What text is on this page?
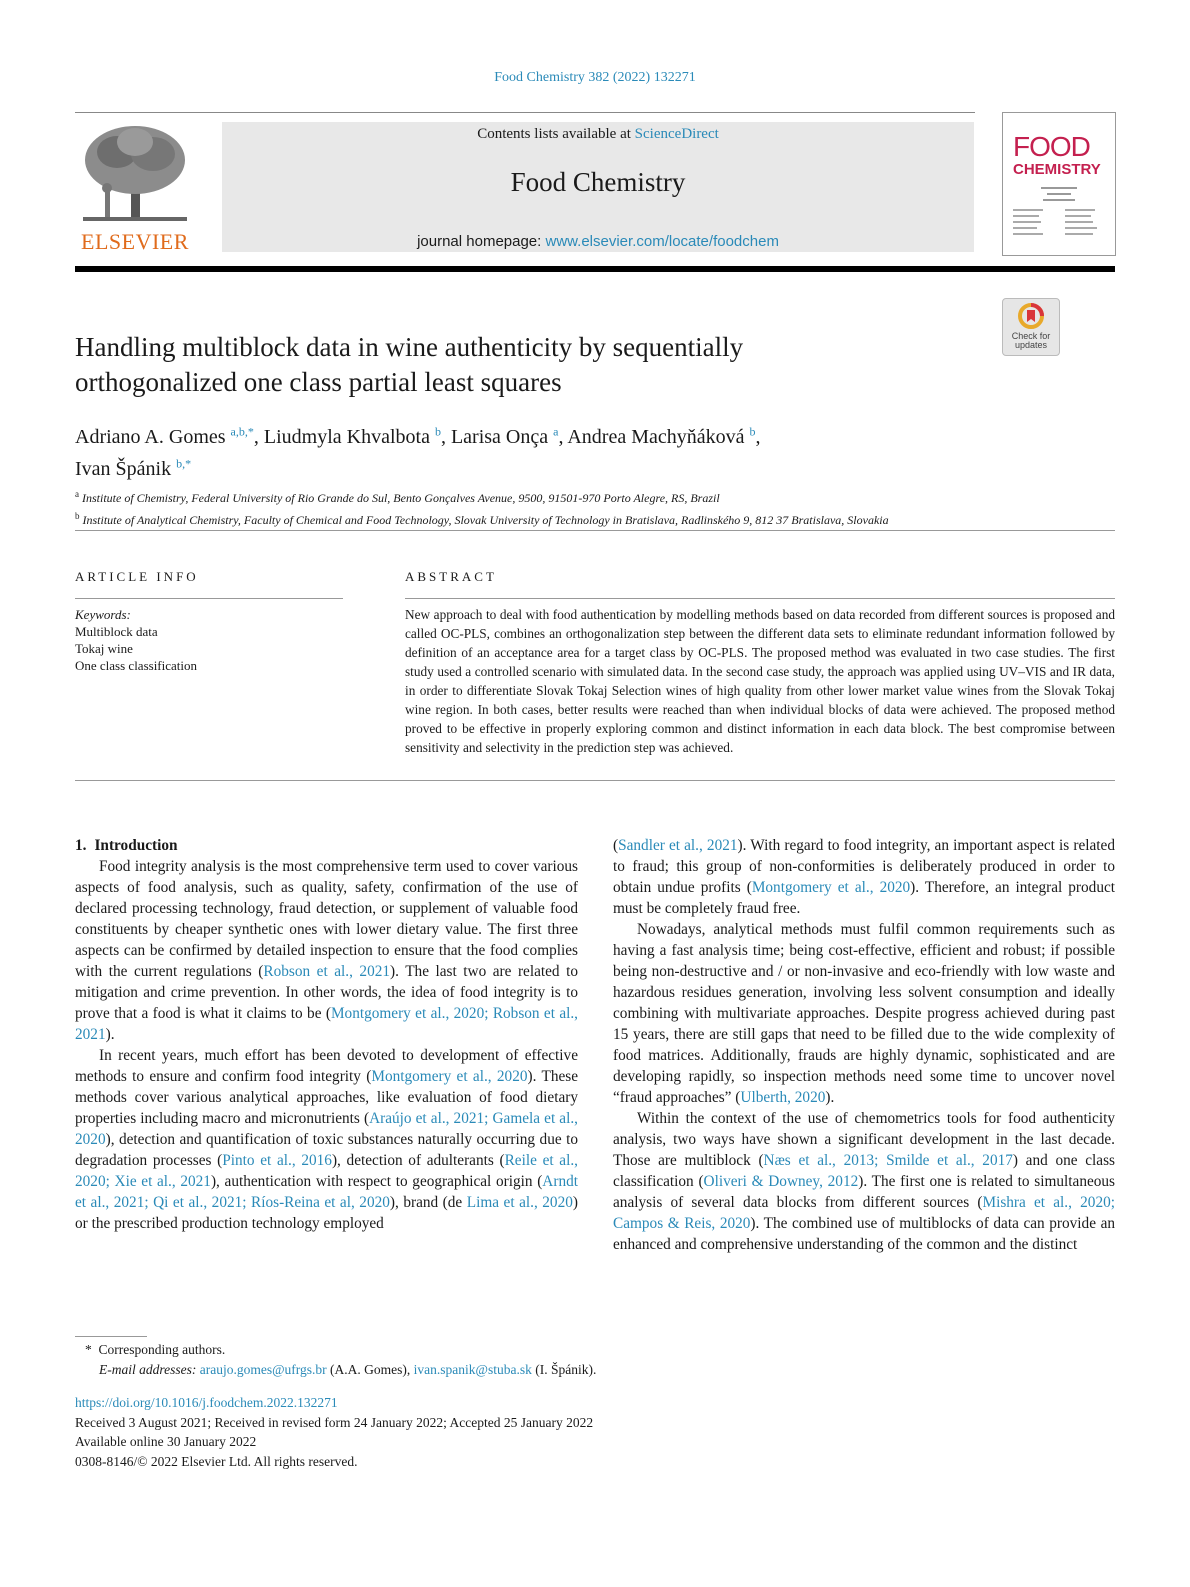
Food Chemistry 382 (2022) 132271
ELSEVIER
Contents lists available at ScienceDirect
Food Chemistry
journal homepage: www.elsevier.com/locate/foodchem
FOOD
CHEMISTRY
Check for updates
Handling multiblock data in wine authenticity by sequentially
orthogonalized one class partial least squares
Adriano A. Gomes $^{a,b,*}$, Liudmyla Khvalbota $^b$, Larisa Onça $^a$, Andrea Machyňáková $^b$,
Ivan Špánik $^{b,*}$
$^a$ Institute of Chemistry, Federal University of Rio Grande do Sul, Bento Gonçalves Avenue, 9500, 91501-970 Porto Alegre, RS, Brazil
$^b$ Institute of Analytical Chemistry, Faculty of Chemical and Food Technology, Slovak University of Technology in Bratislava, Radlinského 9, 812 37 Bratislava, Slovakia
ARTICLE INFO
Keywords:
Multiblock data
Tokaj wine
One class classification
ABSTRACT
New approach to deal with food authentication by modelling methods based on data recorded from different sources is proposed and called OC-PLS, combines an orthogonalization step between the different data sets to eliminate redundant information followed by definition of an acceptance area for a target class by OC-PLS. The proposed method was evaluated in two case studies. The first study used a controlled scenario with simulated data. In the second case study, the approach was applied using UV–VIS and IR data, in order to differentiate Slovak Tokaj Selection wines of high quality from other lower market value wines from the Slovak Tokaj wine region. In both cases, better results were reached than when individual blocks of data were achieved. The proposed method proved to be effective in properly exploring common and distinct information in each data block. The best compromise between sensitivity and selectivity in the prediction step was achieved.

1. Introduction

Food integrity analysis is the most comprehensive term used to cover various aspects of food analysis, such as quality, safety, confirmation of the use of declared processing technology, fraud detection, or supplement of valuable food constituents by cheaper synthetic ones with lower dietary value. The first three aspects can be confirmed by detailed inspection to ensure that the food complies with the current regulations (Robson et al., 2021). The last two are related to mitigation and crime prevention. In other words, the idea of food integrity is to prove that a food is what it claims to be (Montgomery et al., 2020; Robson et al., 2021).

In recent years, much effort has been devoted to development of effective methods to ensure and confirm food integrity (Montgomery et al., 2020). These methods cover various analytical approaches, like evaluation of food dietary properties including macro and micronutrients (Araújo et al., 2021; Gamela et al., 2020), detection and quantification of toxic substances naturally occurring due to degradation processes (Pinto et al., 2016), detection of adulterants (Reile et al., 2020; Xie et al., 2021), authentication with respect to geographical origin (Arndt et al., 2021; Qi et al., 2021; Ríos-Reina et al, 2020), brand (de Lima et al., 2020) or the prescribed production technology employed

(Sandler et al., 2021). With regard to food integrity, an important aspect is related to fraud; this group of non-conformities is deliberately produced in order to obtain undue profits (Montgomery et al., 2020). Therefore, an integral product must be completely fraud free.

Nowadays, analytical methods must fulfil common requirements such as having a fast analysis time; being cost-effective, efficient and robust; if possible being non-destructive and / or non-invasive and eco-friendly with low waste and hazardous residues generation, involving less solvent consumption and ideally combining with multivariate approaches. Despite progress achieved during past 15 years, there are still gaps that need to be filled due to the wide complexity of food matrices. Additionally, frauds are highly dynamic, sophisticated and are developing rapidly, so inspection methods need some time to uncover novel “fraud approaches” (Ulberth, 2020).

Within the context of the use of chemometrics tools for food authenticity analysis, two ways have shown a significant development in the last decade. Those are multiblock (Næs et al., 2013; Smilde et al., 2017) and one class classification (Oliveri & Downey, 2012). The first one is related to simultaneous analysis of several data blocks from different sources (Mishra et al., 2020; Campos & Reis, 2020). The combined use of multiblocks of data can provide an enhanced and comprehensive understanding of the common and the distinct

* Corresponding authors.
E-mail addresses: araujo.gomes@ufrgs.br (A.A. Gomes), ivan.spanik@stuba.sk (I. Špánik).
https://doi.org/10.1016/j.foodchem.2022.132271
Received 3 August 2021; Received in revised form 24 January 2022; Accepted 25 January 2022
Available online 30 January 2022
0308-8146/© 2022 Elsevier Ltd. All rights reserved.
